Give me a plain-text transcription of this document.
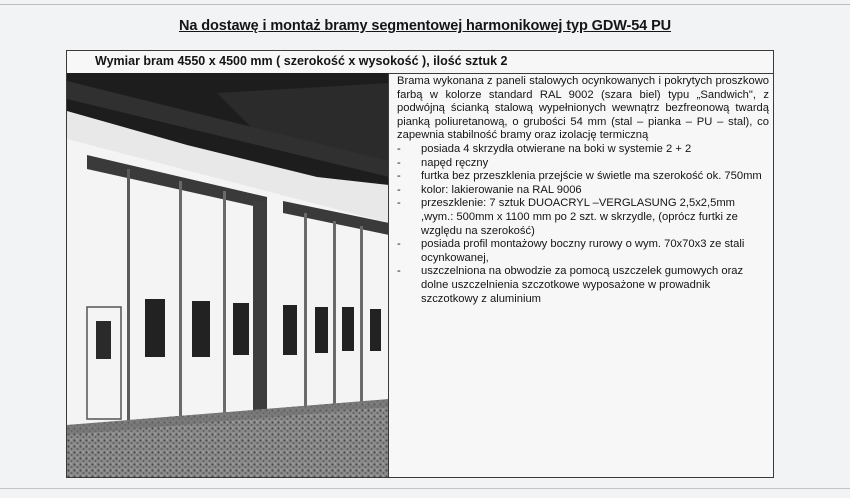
Na dostawę i montaż bramy segmentowej harmonikowej typ GDW-54 PU
Wymiar bram 4550 x 4500 mm ( szerokość x wysokość ), ilość sztuk 2

Brama wykonana z paneli stalowych ocynkowanych i pokrytych proszkowo farbą w kolorze standard RAL 9002 (szara biel) typu „Sandwich", z podwójną ścianką stalową wypełnionych wewnątrz bezfreonową twardą pianką poliuretanową, o grubości 54 mm (stal – pianka – PU – stal), co zapewnia stabilność bramy oraz izolację termiczną

- posiada 4 skrzydła otwierane na boki w systemie 2 + 2
- napęd ręczny
- furtka bez przeszklenia przejście w świetle ma szerokość ok. 750mm
- kolor: lakierowanie na RAL 9006
- przeszklenie: 7 sztuk DUOACRYL –VERGLASUNG 2,5x2,5mm ,wym.: 500mm x 1100 mm po 2 szt. w skrzydle, (oprócz furtki ze względu na szerokość)
- posiada profil montażowy boczny rurowy o wym. 70x70x3 ze stali ocynkowanej,
- uszczelniona na obwodzie za pomocą uszczelek gumowych oraz dolne uszczelnienia szczotkowe wyposażone w prowadnik szczotkowy z aluminium
